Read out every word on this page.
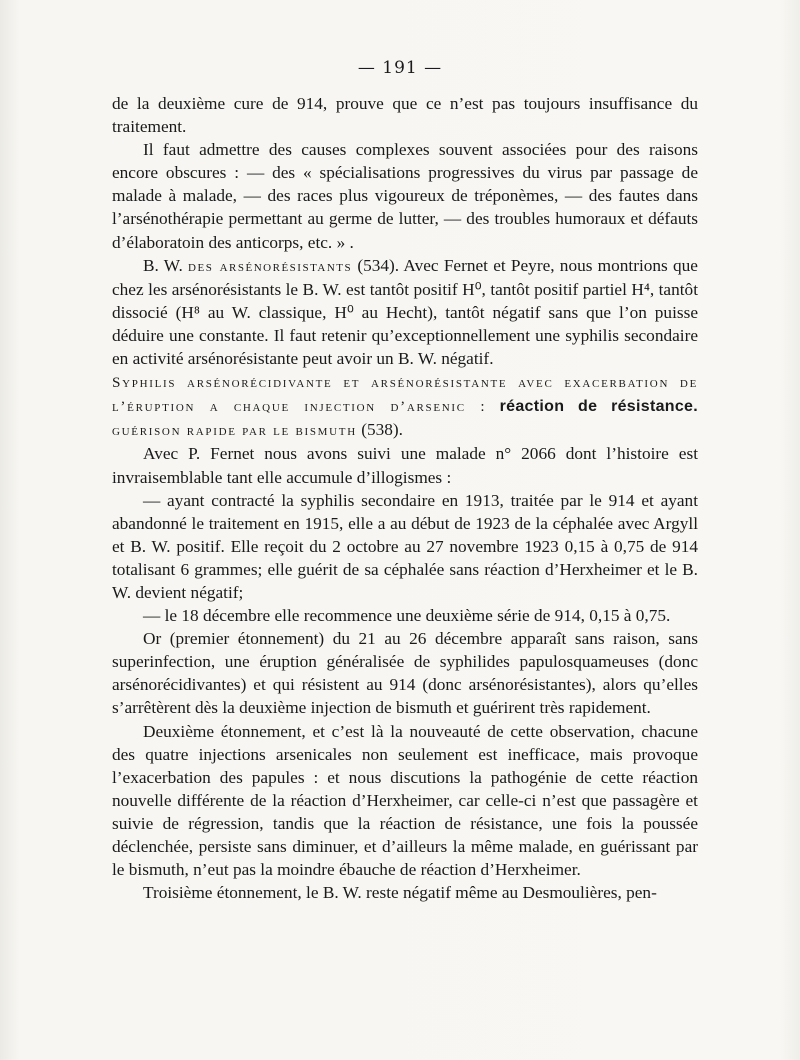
— 191 —

de la deuxième cure de 914, prouve que ce n’est pas toujours insuffisance du traitement.

Il faut admettre des causes complexes souvent associées pour des raisons encore obscures : — des « spécialisations progressives du virus par passage de malade à malade, — des races plus vigoureux de tréponèmes, — des fautes dans l’arsénothérapie permettant au germe de lutter, — des troubles humoraux et défauts d’élaboratoin des anticorps, etc. » .

B. W. des arsénorésistants (534). Avec Fernet et Peyre, nous montrions que chez les arsénorésistants le B. W. est tantôt positif H⁰, tantôt positif partiel H⁴, tantôt dissocié (H⁸ au W. classique, H⁰ au Hecht), tantôt négatif sans que l’on puisse déduire une constante. Il faut retenir qu’exceptionnellement une syphilis secondaire en activité arsénorésistante peut avoir un B. W. négatif.

Syphilis arsénorécidivante et arsénorésistante avec exacerbation de l’éruption a chaque injection d’arsenic : réaction de résistance. guérison rapide par le bismuth (538).

Avec P. Fernet nous avons suivi une malade n° 2066 dont l’histoire est invraisemblable tant elle accumule d’illogismes :

— ayant contracté la syphilis secondaire en 1913, traitée par le 914 et ayant abandonné le traitement en 1915, elle a au début de 1923 de la céphalée avec Argyll et B. W. positif. Elle reçoit du 2 octobre au 27 novembre 1923 0,15 à 0,75 de 914 totalisant 6 grammes; elle guérit de sa céphalée sans réaction d’Herxheimer et le B. W. devient négatif;

— le 18 décembre elle recommence une deuxième série de 914, 0,15 à 0,75.

Or (premier étonnement) du 21 au 26 décembre apparaît sans raison, sans superinfection, une éruption généralisée de syphilides papulosquameuses (donc arsénorécidivantes) et qui résistent au 914 (donc arsénorésistantes), alors qu’elles s’arrêtèrent dès la deuxième injection de bismuth et guérirent très rapidement.

Deuxième étonnement, et c’est là la nouveauté de cette observation, chacune des quatre injections arsenicales non seulement est inefficace, mais provoque l’exacerbation des papules : et nous discutions la pathogénie de cette réaction nouvelle différente de la réaction d’Herxheimer, car celle-ci n’est que passagère et suivie de régression, tandis que la réaction de résistance, une fois la poussée déclenchée, persiste sans diminuer, et d’ailleurs la même malade, en guérissant par le bismuth, n’eut pas la moindre ébauche de réaction d’Herxheimer.

Troisième étonnement, le B. W. reste négatif même au Desmoulières, pen-
